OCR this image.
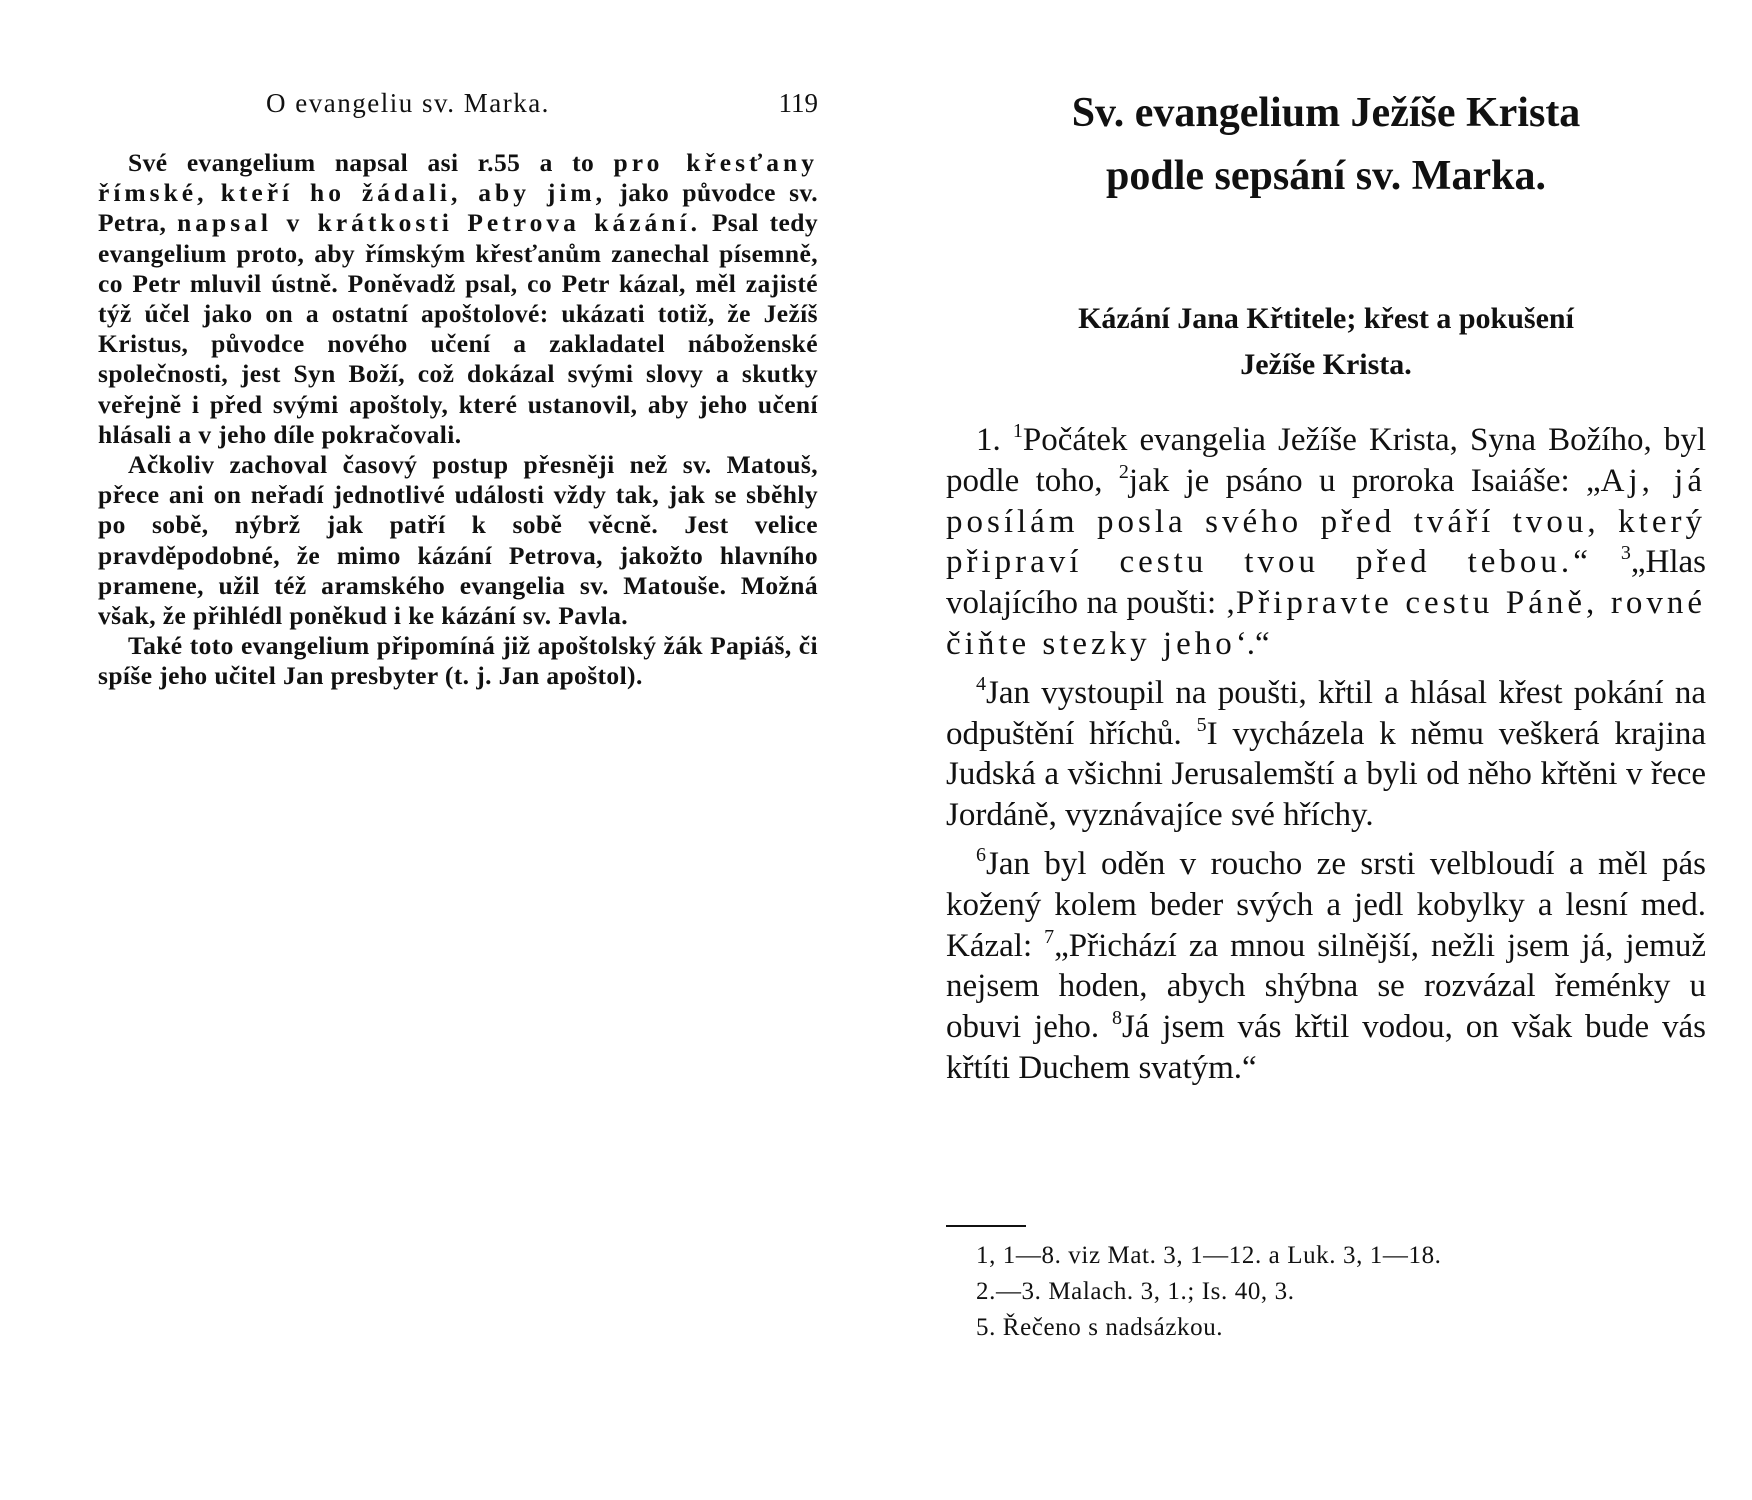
O evangeliu sv. Marka.	119

Své evangelium napsal asi r.55 a to pro křesťany římské, kteří ho žádali, aby jim, jako původce sv. Petra, napsal v krátkosti Petrova kázání. Psal tedy evangelium proto, aby římským křesťanům zanechal písemně, co Petr mluvil ústně. Poněvadž psal, co Petr kázal, měl zajisté týž účel jako on a ostatní apoštolové: ukázati totiž, že Ježíš Kristus, původce nového učení a zakladatel náboženské společnosti, jest Syn Boží, což dokázal svými slovy a skutky veřejně i před svými apoštoly, které ustanovil, aby jeho učení hlásali a v jeho díle pokračovali.

Ačkoliv zachoval časový postup přesněji než sv. Matouš, přece ani on neřadí jednotlivé události vždy tak, jak se sběhly po sobě, nýbrž jak patří k sobě věcně. Jest velice pravděpodobné, že mimo kázání Petrova, jakožto hlavního pramene, užil též aramského evangelia sv. Matouše. Možná však, že přihlédl poněkud i ke kázání sv. Pavla.

Také toto evangelium připomíná již apoštolský žák Papiáš, či spíše jeho učitel Jan presbyter (t. j. Jan apoštol).

Sv. evangelium Ježíše Krista
podle sepsání sv. Marka.
Kázání Jana Křtitele; křest a pokušení
Ježíše Krista.

1. $^1$Počátek evangelia Ježíše Krista, Syna Božího, byl podle toho, $^2$jak je psáno u proroka Isaiáše: „Aj, já posílám posla svého před tváří tvou, který připraví cestu tvou před tebou.“ $^3$„Hlas volajícího na poušti: ‚Připravte cestu Páně, rovné čiňte stezky jeho‘.“

$^4$Jan vystoupil na poušti, křtil a hlásal křest pokání na odpuštění hříchů. $^5$I vycházela k němu veškerá krajina Judská a všichni Jerusalemští a byli od něho křtěni v řece Jordáně, vyznávajíce své hříchy.

$^6$Jan byl oděn v roucho ze srsti velbloudí a měl pás kožený kolem beder svých a jedl kobylky a lesní med. Kázal: $^7$„Přichází za mnou silnější, nežli jsem já, jemuž nejsem hoden, abych shýbna se rozvázal řeménky u obuvi jeho. $^8$Já jsem vás křtil vodou, on však bude vás křtíti Duchem svatým.“

1, 1—8. viz Mat. 3, 1—12. a Luk. 3, 1—18.
2.—3. Malach. 3, 1.; Is. 40, 3.
5. Řečeno s nadsázkou.
